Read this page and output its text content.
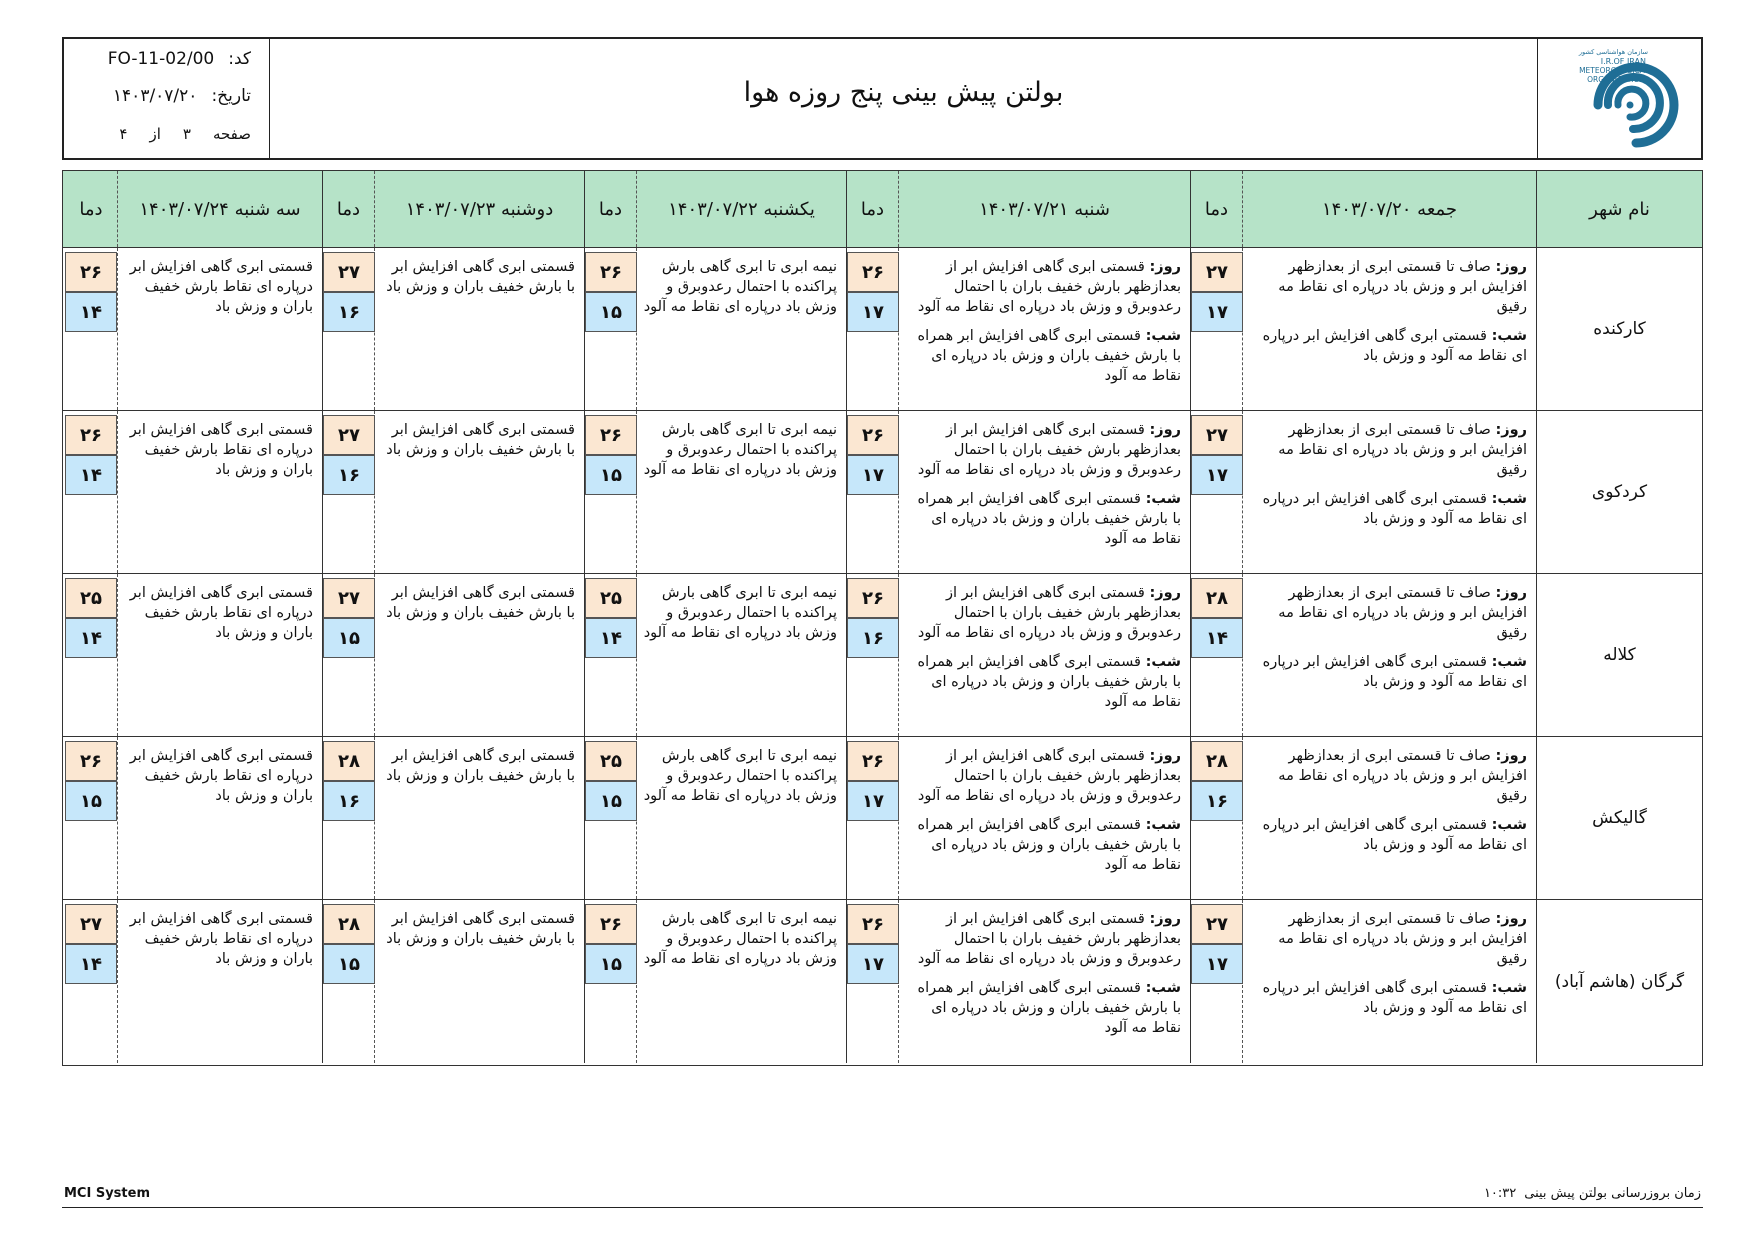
کد:
FO-11-02/00
تاریخ:
۱۴۰۳/۰۷/۲۰
صفحه
۳
از
۴
بولتن پیش بینی پنج روزه هوا
سازمان هواشناسی کشور
I.R.OF IRAN
METEOROLOGICAL
ORGANIZATION
نام شهر
جمعه ۱۴۰۳/۰۷/۲۰
دما
شنبه ۱۴۰۳/۰۷/۲۱
دما
یکشنبه ۱۴۰۳/۰۷/۲۲
دما
دوشنبه ۱۴۰۳/۰۷/۲۳
دما
سه شنبه ۱۴۰۳/۰۷/۲۴
دما
کارکنده
روز: صاف تا قسمتی ابری از بعدازظهر افزایش ابر و وزش باد درپاره ای نقاط مه رقیق
شب: قسمتی ابری گاهی افزایش ابر درپاره ای نقاط مه آلود و وزش باد
۲۷
۱۷
روز: قسمتی ابری گاهی افزایش ابر از بعدازظهر بارش خفیف باران با احتمال رعدوبرق و وزش باد درپاره ای نقاط مه آلود
شب: قسمتی ابری گاهی افزایش ابر همراه با بارش خفیف باران و وزش باد درپاره ای نقاط مه آلود
۲۶
۱۷
نیمه ابری تا ابری گاهی بارش پراکنده با احتمال رعدوبرق و وزش باد درپاره ای نقاط مه آلود
۲۶
۱۵
قسمتی ابری گاهی افزایش ابر با بارش خفیف باران و وزش باد
۲۷
۱۶
قسمتی ابری گاهی افزایش ابر درپاره ای نقاط بارش خفیف باران و وزش باد
۲۶
۱۴
کردکوی
روز: صاف تا قسمتی ابری از بعدازظهر افزایش ابر و وزش باد درپاره ای نقاط مه رقیق
شب: قسمتی ابری گاهی افزایش ابر درپاره ای نقاط مه آلود و وزش باد
۲۷
۱۷
روز: قسمتی ابری گاهی افزایش ابر از بعدازظهر بارش خفیف باران با احتمال رعدوبرق و وزش باد درپاره ای نقاط مه آلود
شب: قسمتی ابری گاهی افزایش ابر همراه با بارش خفیف باران و وزش باد درپاره ای نقاط مه آلود
۲۶
۱۷
نیمه ابری تا ابری گاهی بارش پراکنده با احتمال رعدوبرق و وزش باد درپاره ای نقاط مه آلود
۲۶
۱۵
قسمتی ابری گاهی افزایش ابر با بارش خفیف باران و وزش باد
۲۷
۱۶
قسمتی ابری گاهی افزایش ابر درپاره ای نقاط بارش خفیف باران و وزش باد
۲۶
۱۴
کلاله
روز: صاف تا قسمتی ابری از بعدازظهر افزایش ابر و وزش باد درپاره ای نقاط مه رقیق
شب: قسمتی ابری گاهی افزایش ابر درپاره ای نقاط مه آلود و وزش باد
۲۸
۱۴
روز: قسمتی ابری گاهی افزایش ابر از بعدازظهر بارش خفیف باران با احتمال رعدوبرق و وزش باد درپاره ای نقاط مه آلود
شب: قسمتی ابری گاهی افزایش ابر همراه با بارش خفیف باران و وزش باد درپاره ای نقاط مه آلود
۲۶
۱۶
نیمه ابری تا ابری گاهی بارش پراکنده با احتمال رعدوبرق و وزش باد درپاره ای نقاط مه آلود
۲۵
۱۴
قسمتی ابری گاهی افزایش ابر با بارش خفیف باران و وزش باد
۲۷
۱۵
قسمتی ابری گاهی افزایش ابر درپاره ای نقاط بارش خفیف باران و وزش باد
۲۵
۱۴
گالیکش
روز: صاف تا قسمتی ابری از بعدازظهر افزایش ابر و وزش باد درپاره ای نقاط مه رقیق
شب: قسمتی ابری گاهی افزایش ابر درپاره ای نقاط مه آلود و وزش باد
۲۸
۱۶
روز: قسمتی ابری گاهی افزایش ابر از بعدازظهر بارش خفیف باران با احتمال رعدوبرق و وزش باد درپاره ای نقاط مه آلود
شب: قسمتی ابری گاهی افزایش ابر همراه با بارش خفیف باران و وزش باد درپاره ای نقاط مه آلود
۲۶
۱۷
نیمه ابری تا ابری گاهی بارش پراکنده با احتمال رعدوبرق و وزش باد درپاره ای نقاط مه آلود
۲۵
۱۵
قسمتی ابری گاهی افزایش ابر با بارش خفیف باران و وزش باد
۲۸
۱۶
قسمتی ابری گاهی افزایش ابر درپاره ای نقاط بارش خفیف باران و وزش باد
۲۶
۱۵
گرگان (هاشم آباد)
روز: صاف تا قسمتی ابری از بعدازظهر افزایش ابر و وزش باد درپاره ای نقاط مه رقیق
شب: قسمتی ابری گاهی افزایش ابر درپاره ای نقاط مه آلود و وزش باد
۲۷
۱۷
روز: قسمتی ابری گاهی افزایش ابر از بعدازظهر بارش خفیف باران با احتمال رعدوبرق و وزش باد درپاره ای نقاط مه آلود
شب: قسمتی ابری گاهی افزایش ابر همراه با بارش خفیف باران و وزش باد درپاره ای نقاط مه آلود
۲۶
۱۷
نیمه ابری تا ابری گاهی بارش پراکنده با احتمال رعدوبرق و وزش باد درپاره ای نقاط مه آلود
۲۶
۱۵
قسمتی ابری گاهی افزایش ابر با بارش خفیف باران و وزش باد
۲۸
۱۵
قسمتی ابری گاهی افزایش ابر درپاره ای نقاط بارش خفیف باران و وزش باد
۲۷
۱۴
MCI System	زمان بروزرسانی بولتن پیش بینی
۱۰:۳۲
